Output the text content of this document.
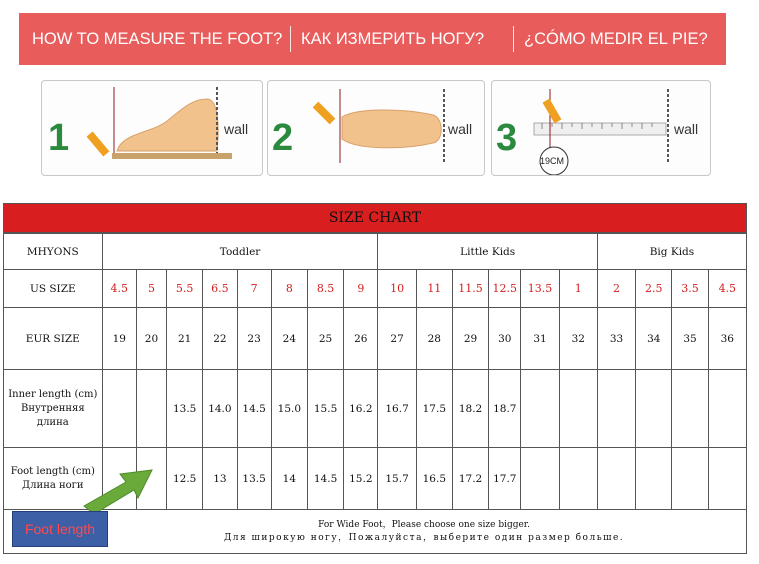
HOW TO MEASURE THE FOOT? КАК ИЗМЕРИТЬ НОГУ? ¿CÓMO MEDIR EL PIE?
1	wall 2	wall 3
19CM
wall
SIZE CHART
MHYONS	Toddler								Little Kids						Big Kids			
US SIZE	4.5	5	5.5	6.5	7	8	8.5	9	10	11	11.5	12.5	13.5	1	2	2.5	3.5	4.5
EUR SIZE	19	20	21	22	23	24	25	26	27	28	29	30	31	32	33	34	35	36

Inner length (cm)
Внутренняя длина			13.5	14.0	14.5	15.0	15.5	16.2	16.7	17.5	18.2	18.7						

Foot length (cm)
Длина ноги			12.5	13	13.5	14	14.5	15.2	15.7	16.5	17.2	17.7						

	For Wide Foot，Please choose one size bigger.
Для широкую ногу，Пожалуйста，выберите один размер больше.																	
Foot length
